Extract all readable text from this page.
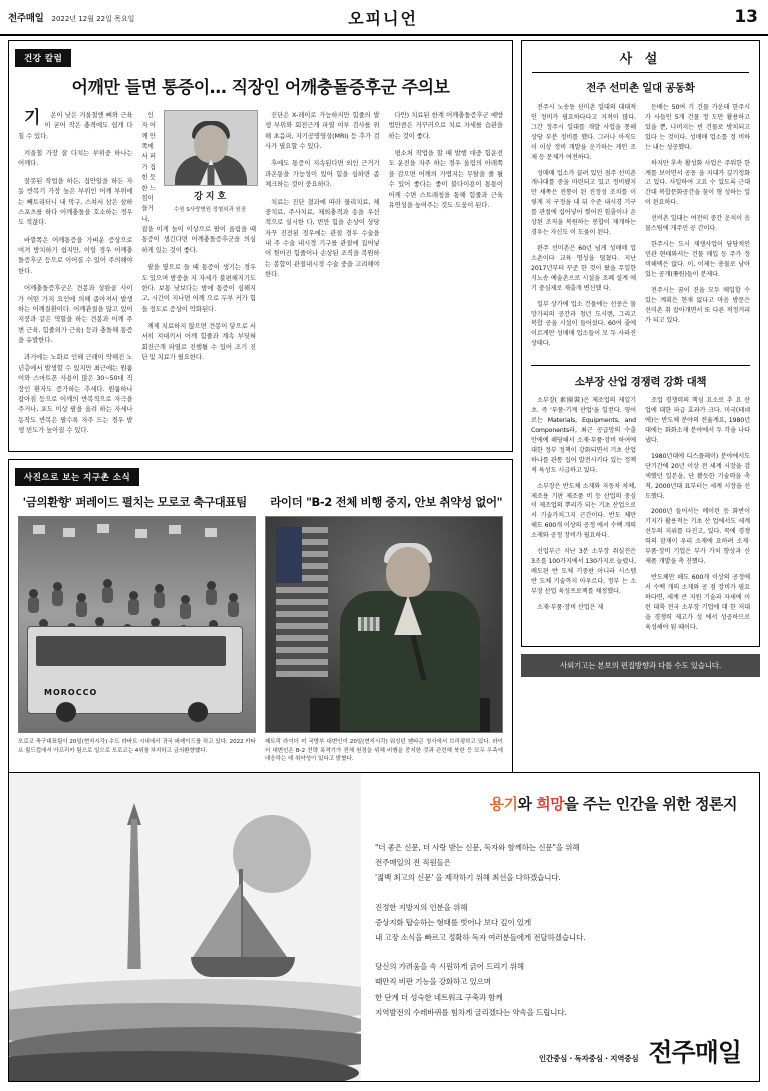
전주매일 2022년 12월 22일 목요일	오피니언	13
건강 칼럼
어깨만 들면 통증이… 직장인 어깨충돌증후군 주의보

기 온이 낮은 겨울철엔 뼈와 근육이 굳어 작은 충격에도 쉽게 다칠 수 있다.

겨울철 가장 잘 다치는 부위중 하나는 어깨다.

잘못된 작업을 하든, 집안일을 하든 자동 반복기 가장 높은 부위인 어깨 부위에는 빼트리터니 내 막구, 스쳐서 삼은 삼하 스포츠를 하다 어깨충돌을 호소하는 경우도 적잖다.

바깥쪽은 어깨통증을 가벼운 증상으로 여겨 방치하기 쉽지만, 이럴 경우 어깨충돌증후군 등으로 이어질 수 있어 주의해야 한다.

어깨충돌증후군은 견봉과 상완골 사이가 어떤 가지 요인에 의해 좁아져서 발생하는 어깨질환이다. 어깨관절을 많고 있어 지붕과 같은 역할을 하는 견봉과 어깨 주변 근육, 힘줄외가 근육) 등과 충돌해 통증을 유발한다.

과거에는 노화로 인해 근래이 약해진 노년층에서 발생할 수 있지만 최근에는 원룸이와 스마트폰 사용이 많은 30~50대 직장인 환자도 증가하는 추세다. 원룸하나 잡아짐 등으로 어깨의 반복적으로 자극을 주거나, 포도 이상 팔을 올려 하는 자세나 동작도 반복은 팔수록 자주 드는 경우 발생 빈도가 높아질 수 있다.

강 지 호
수원 S사랑병원 정형외과 원장

인자 어깨 안쪽에서 퍼가 집힌 듯한 느낌이 들거나, 잡을 이게 놀이 이상으로 팔이 올림을 때 통증이 생긴다면 어깨충돌증후군을 의심하게 있는 것이 좋다.

팔을 옆으로 들 때 통증이 생기는 경우도 있으며 밤중을 지 자세가 불편해지기도 한다. 보통 낮보다는 밤에 통증이 심해지고, 시간이 지나면 어깨 으로 두부 커가 힘들 정도로 증상이 악화된다.

께제 치료하지 않으면 견봉이 닿으로 서서히 지대끼서 어깨 힘줄과 계속 부딪혀 회전근개 파열로 진행될 수 있어 조기 진단 및 치료가 필요한다.

진단은 X-레이로 가능하지만 힘줄의 발생 부위와 회전근개 파열 여부 검사를 위해 초음파, 자기공명영상(MRI) 등 추가 검사가 필요할 수 있다.

후에도 통증이 지속된다면 외인 근거기 과온통을 가능성이 있어 힘을 심하면 좀 체크하는 것이 중요하다.

치료는 진단 결과에 따라 물리치료, 체중치료, 주사치료, 체외충격과 송을 우선적으로 실시한 다, 번만 힘을 손상이 상당 자꾸 진전된 경우에는 관절 경우 수술을 내 주 수술 내시경 기구를 관절에 집어넣어 찢어진 힘줄이나 손상된 조직을 복원하는 봉합이 관절내시경 수술 중을 고려해야 한다.

다만) 치료된 한계 어깨충돌증후군 예방법만큼은 거꾸러으로 치료 자세를 습관을 하는 것이 좋다.

평소처 작업을 할 때 발행 대중 힘운전도 운전을 자주 하는 경우 올림의 아래쪽을 감으면 어깨의 가볍지는 무탈을 줄 될 수 있어 좋다는 좋이 불다이용이 통통이 어깨 수면 스트레칭을 통해 힘줄과 근육 유연성을 높여주는 것도 도움이 된다.

사진으로 보는 지구촌 소식
'금의환향' 퍼레이드 펼치는 모로코 축구대표팀	라이더 "B-2 전체 비행 중지, 안보 취약성 없어"
MOROCCO
모로코 축구대표팀이 20일(현지시각) 수도 라바트 시내에서 귀국 퍼레이드를 하고 있다. 2022 카타르 월드컵에서 아프리카 팀으로 일으로 모로코는 4위를 차지하고 금의환향했다.
패트릭 라이더 미 국방부 대변인이 20일(현지시각) 워싱턴 펜타곤 청사에서 브리핑하고 있다. 라이더 대변인은 B-2 전략 폭격기가 전체 원정을 위해 비행을 중지한 것과 관련해 북한 등 모두 우측에 대응하는 데 취약성이 있다고 밝혔다.
사 설
전주 선미촌 일대 공동화

전주시 노송동 선미촌 일대의 대대적인 정비가 필요하다다고 지적이 많다. 그간 정주시 일대를 개발 사업을 통해 상당 부분 정비를 했다. 그러나 아직도 이 이상 정비 개발을 운기하는 게인 조제 등 문제가 여전하다.

성매매 업소가 끌려 있던 점주 선미촌 개나대를 중을 마련되고 있고 정비됐지만 새쪽은 전통이 된 진정성 조치를 이렇게 지 구정을 내 뒤 수준 내시경 기구를 관절에 집어넣어 찢어진 힘줄이나 손상된 조직을 복원하는 봉합이 재개하는 경우는 자신도 이 도움이 된다.

완주 선미촌은 60년 넘게 성매매 업소촌이다 교육 명성을 떨쳤다. 지난 2017년부터 꾸준 한 것이 왔을 무일한 식노송 예술촌으로 시설을 조폐 설계 애기 중심제로 재출개 변신했 다.

일부 상가에 업소 건물에는 선콩은 물망가피의 공간과 청년 도시랜, 그리고 복합 공을 시설이 들어섰다. 60여 줄에 이르게만 성매매 업소들이 모 두 사라진 상태다.

둔배는 50여 기 건물 가운데 한주시가 사들인 5개 건물 정 도만 활용하고 있을 뿐, 나머지는 빈 건물로 방치되고 있다 는 것이다. 성매매 업소를 정 비하는 내는 성공했다.

하지만 후속 활성화 사업은 주워한 한계를 보이면서 공동 을 지대가 깊기정화고 있다. 사일하여 고요 수 있도록 근대 간대 복합문화공간을 꿈이 형 성하는 일이 된요하다.

선비촌 일대는 여전히 중간 운치이 음물스팀에 개주민 공 간이다.

한주시는 도시 재생사업이 담당적인 민관 현태와서는 건물 매입 등 주가 정비해택은 없다. 이, 이제는 총물로 남아있는 공개(쫓원)들이 분제다.

전주시는 꿈이 진을 모두 매입할 수 있는 계획은 현재 없다고 마음 방문은 선미촌 취 잡아개면서 또 다른 적정거리가 되고 있다.

소부장 산업 경쟁력 강화 대책

소부장( 素團裝)은 제조업의 제일기초. 즉 '부품·기계 산업'을 일컫다. 영어로는 Materials, Equipments, and Components라, 최근 공급망의 수출 안에에 해당해서 소재·부품·장비 하여에 대한 정부 정책이 강화되면서 기초 산업 하나를 관통 집어 발전시키다 있는 정책적 육성도 시급하고 있다.

소부장은 반도체 소재와 자동차 차체, 제조용 기판 제조품 비 등 산업의 중심이 제조업의 뿌리가 되는 기초 산업으로서 기술가치그지 근간이다. 반도 체만 해도 600개 이상의 공정 에서 수백 개의 소재와 공정 장비가 필요하다.

신업부근 지난 3분 소부장 취실진은 3조를 100가지에서 130가지로 늘렸나, 배도된 반 도체 기중판 아니라 시스템 반 도체 기술까지 아우르다, 정부 는 소부장 산업 육성프로젝를 채정했다.

소재·부품·장비 산업은 제

조업 경쟁력의 핵심 요소로 추 요 산업에 대한 파급 효과가 크다. 미국(테네에)는 반도체 분야의 전율계요, 1980년 대에는 화화소재 분야에서 두 각을 나타냈다.

1980년대에 디스플레이) 분야에서도 단기간에 20년 이상 전 세계 시장을 검색했던 일본을, 단 봤듯한 기술력을 축적, 2000년대 표부터는 세계 시장을 선도했다.

2000년 들어서는 메이린 등 화반이 기지가 활용적는 기초 산 업에서도 세계 선두의 지위를 다진고, 있다. 꼭에 경쟁력의 잠재이 우리 소재에 요하려 소재·부품·장비 기업은 부가 가치 향상과 신제품 개발을 촉 진했다.

반도체만 해도 600개 이상의 공정에서 수백 개의 소재와 공 점 장비가 필요하다면, 세계 큰 지원 기술과 자세에 이런 대륙 전국 소부장 기업에 대 한 저대을 경쟁력 제고가 성 에서 성공하므로 육성해야 됨 때이다.

사외기고는 본보의 편집방향과 다를 수도 있습니다.
용기와 희망을 주는 인간을 위한 정론지
"더 좋은 신문, 더 사랑 받는 신문, 독자와 함께하는 신문"을 위해
전주매일의 전 직원들은
'젊백 최고의 신문' 을 제작하기 위해 최선을 다하겠습니다.
진정한 지방지의 인분을 위해
증상지화 탑승하는 형태를 벗어나 보다 깊이 있게
내 고장 소식을 빠르고 정확하 독자 여러분들에게 전달하겠습니다.
당신의 가려움을 속 시원하게 긁어 드리기 위해
때만직 비판 기능을 강화하고 있으며
한 단계 더 성숙한 네트워크 구축과 함께
지역발전의 수레바퀴를 힘차게 굴리겠다는 약속을 드립니다.
인간중심 · 독자중심 · 지역중심 전주매일
